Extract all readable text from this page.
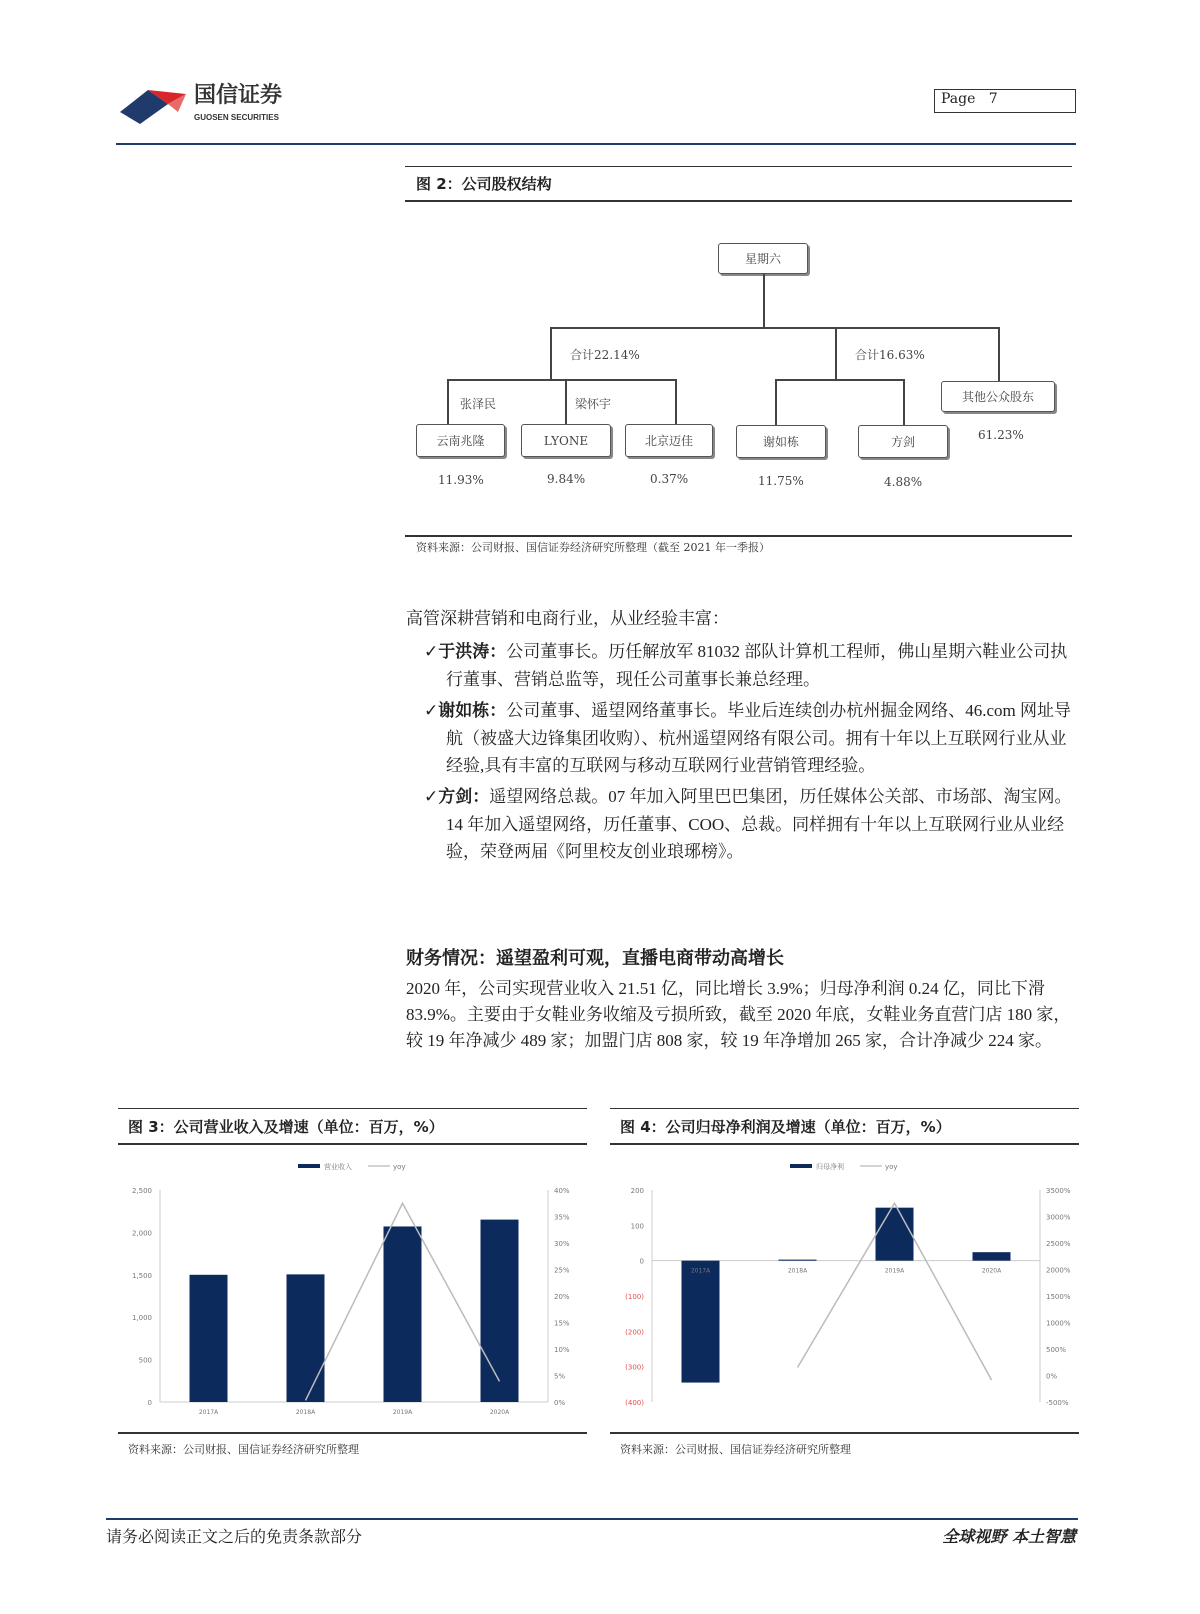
国信证券
GUOSEN SECURITIES
Page 7
图 2：公司股权结构
星期六
合计22.14%	合计16.63%
张泽民	梁怀宇
云南兆隆	LYONE	北京迈佳	谢如栋	方剑
其他公众股东
11.93%	9.84%	0.37%	11.75%	4.88%
61.23%
资料来源：公司财报、国信证券经济研究所整理（截至 2021 年一季报）
高管深耕营销和电商行业，从业经验丰富：
✓于洪涛：公司董事长。历任解放军 81032 部队计算机工程师，佛山星期六鞋业公司执行董事、营销总监等，现任公司董事长兼总经理。
✓谢如栋：公司董事、遥望网络董事长。毕业后连续创办杭州掘金网络、46.com 网址导航（被盛大边锋集团收购）、杭州遥望网络有限公司。拥有十年以上互联网行业从业经验,具有丰富的互联网与移动互联网行业营销管理经验。
✓方剑：遥望网络总裁。07 年加入阿里巴巴集团，历任媒体公关部、市场部、淘宝网。14 年加入遥望网络，历任董事、COO、总裁。同样拥有十年以上互联网行业从业经验，荣登两届《阿里校友创业琅琊榜》。
财务情况：遥望盈利可观，直播电商带动高增长
2020 年，公司实现营业收入 21.51 亿，同比增长 3.9%；归母净利润 0.24 亿，同比下滑 83.9%。主要由于女鞋业务收缩及亏损所致，截至 2020 年底，女鞋业务直营门店 180 家，较 19 年净减少 489 家；加盟门店 808 家，较 19 年净增加 265 家，合计净减少 224 家。
图 3：公司营业收入及增速（单位：百万，%）
营业收入	yoy
0
500
1,000
1,500
2,000
2,500
0%
5%
10%
15%
20%
25%
30%
35%
40%
2017A	2018A	2019A	2020A
资料来源：公司财报、国信证券经济研究所整理
图 4：公司归母净利润及增速（单位：百万，%）
归母净利	yoy
(400)
(300)
(200)
(100)
0
100
200
-500%
0%
500%
1000%
1500%
2000%
2500%
3000%
3500%
2017A	2018A	2019A	2020A
资料来源：公司财报、国信证券经济研究所整理
请务必阅读正文之后的免责条款部分	全球视野 本土智慧
